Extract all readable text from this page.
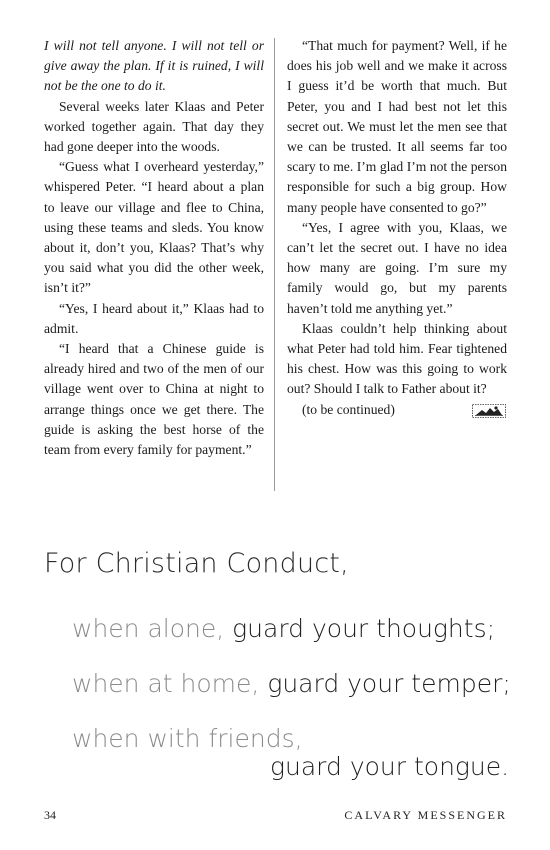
I will not tell anyone. I will not tell or give away the plan. If it is ruined, I will not be the one to do it.

Several weeks later Klaas and Peter worked together again. That day they had gone deeper into the woods.

“Guess what I overheard yesterday,” whispered Peter. “I heard about a plan to leave our village and flee to China, using these teams and sleds. You know about it, don’t you, Klaas? That’s why you said what you did the other week, isn’t it?”

“Yes, I heard about it,” Klaas had to admit.

“I heard that a Chinese guide is already hired and two of the men of our village went over to China at night to arrange things once we get there. The guide is asking the best horse of the team from every family for payment.”

“That much for payment? Well, if he does his job well and we make it across I guess it’d be worth that much. But Peter, you and I had best not let this secret out. We must let the men see that we can be trusted. It all seems far too scary to me. I’m glad I’m not the person responsible for such a big group. How many people have consented to go?”

“Yes, I agree with you, Klaas, we can’t let the secret out. I have no idea how many are going. I’m sure my family would go, but my parents haven’t told me anything yet.”

Klaas couldn’t help thinking about what Peter had told him. Fear tightened his chest. How was this going to work out? Should I talk to Father about it?

(to be continued)

For Christian Conduct,
when alone, guard your thoughts;
when at home, guard your temper;
when with friends,
guard your tongue.
34	CALVARY MESSENGER
